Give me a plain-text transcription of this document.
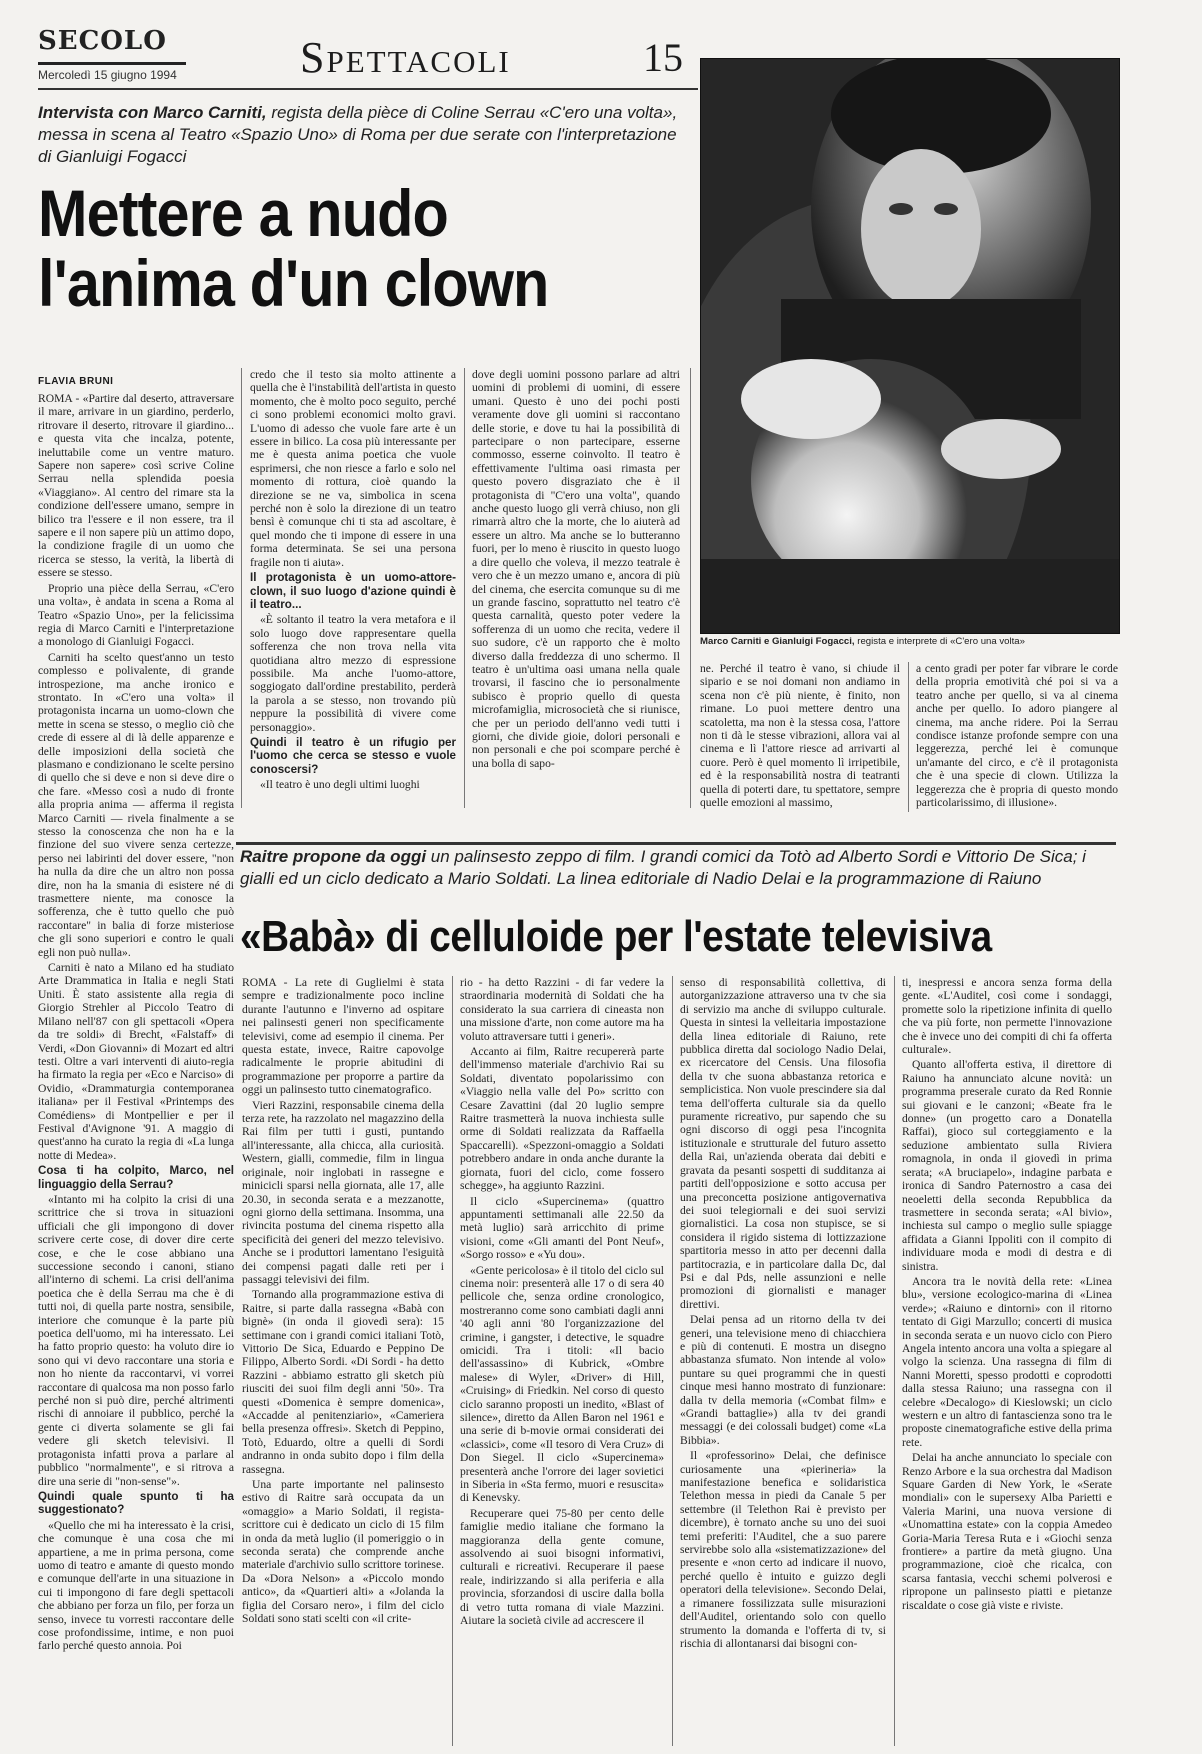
SECOLO
Mercoledì 15 giugno 1994	Spettacoli	15
Intervista con Marco Carniti, regista della pièce di Coline Serrau «C'ero una volta», messa in scena al Teatro «Spazio Uno» di Roma per due serate con l'interpretazione di Gianluigi Fogacci
Mettere a nudo l'anima d'un clown
FLAVIA BRUNI

ROMA - «Partire dal deserto, attraversare il mare, arrivare in un giardino, perderlo, ritrovare il deserto, ritrovare il giardino... e questa vita che incalza, potente, ineluttabile come un ventre maturo. Sapere non sapere» così scrive Coline Serrau nella splendida poesia «Viaggiano». Al centro del rimare sta la condizione dell'essere umano, sempre in bilico tra l'essere e il non essere, tra il sapere e il non sapere più un attimo dopo, la condizione fragile di un uomo che ricerca se stesso, la verità, la libertà di essere se stesso.

Proprio una pièce della Serrau, «C'ero una volta», è andata in scena a Roma al Teatro «Spazio Uno», per la felicissima regia di Marco Carniti e l'interpretazione a monologo di Gianluigi Fogacci.

Carniti ha scelto quest'anno un testo complesso e polivalente, di grande introspezione, ma anche ironico e strontato. In «C'ero una volta» il protagonista incarna un uomo-clown che mette in scena se stesso, o meglio ciò che crede di essere al di là delle apparenze e delle imposizioni della società che plasmano e condizionano le scelte persino di quello che si deve e non si deve dire o che fare. «Messo così a nudo di fronte alla propria anima — afferma il regista Marco Carniti — rivela finalmente a se stesso la conoscenza che non ha e la finzione del suo vivere senza certezze, perso nei labirinti del dover essere, "non ha nulla da dire che un altro non possa dire, non ha la smania di esistere né di trasmettere niente, ma conosce la sofferenza, che è tutto quello che può raccontare" in balia di forze misteriose che gli sono superiori e contro le quali egli non può nulla».

Carniti è nato a Milano ed ha studiato Arte Drammatica in Italia e negli Stati Uniti. È stato assistente alla regia di Giorgio Strehler al Piccolo Teatro di Milano nell'87 con gli spettacoli «Opera da tre soldi» di Brecht, «Falstaff» di Verdi, «Don Giovanni» di Mozart ed altri testi. Oltre a vari interventi di aiuto-regia ha firmato la regia per «Eco e Narciso» di Ovidio, «Drammaturgia contemporanea italiana» per il Festival «Printemps des Comédiens» di Montpellier e per il Festival d'Avignone '91. A maggio di quest'anno ha curato la regia di «La lunga notte di Medea».

Cosa ti ha colpito, Marco, nel linguaggio della Serrau?

«Intanto mi ha colpito la crisi di una scrittrice che si trova in situazioni ufficiali che gli impongono di dover scrivere certe cose, di dover dire certe cose, e che le cose abbiano una successione secondo i canoni, stiano all'interno di schemi. La crisi dell'anima poetica che è della Serrau ma che è di tutti noi, di quella parte nostra, sensibile, interiore che comunque è la parte più poetica dell'uomo, mi ha interessato. Lei ha fatto proprio questo: ha voluto dire io sono qui vi devo raccontare una storia e non ho niente da raccontarvi, vi vorrei raccontare di qualcosa ma non posso farlo perché non si può dire, perché altrimenti rischi di annoiare il pubblico, perché la gente ci diverta solamente se gli fai vedere gli sketch televisivi. Il protagonista infatti prova a parlare al pubblico "normalmente", e si ritrova a dire una serie di "non-sense"».

Quindi quale spunto ti ha suggestionato?

«Quello che mi ha interessato è la crisi, che comunque è una cosa che mi appartiene, a me in prima persona, come uomo di teatro e amante di questo mondo e comunque dell'arte in una situazione in cui ti impongono di fare degli spettacoli che abbiano per forza un filo, per forza un senso, invece tu vorresti raccontare delle cose profondissime, intime, e non puoi farlo perché questo annoia. Poi

credo che il testo sia molto attinente a quella che è l'instabilità dell'artista in questo momento, che è molto poco seguito, perché ci sono problemi economici molto gravi. L'uomo di adesso che vuole fare arte è un essere in bilico. La cosa più interessante per me è questa anima poetica che vuole esprimersi, che non riesce a farlo e solo nel momento di rottura, cioè quando la direzione se ne va, simbolica in scena perché non è solo la direzione di un teatro bensì è comunque chi ti sta ad ascoltare, è quel mondo che ti impone di essere in una forma determinata. Se sei una persona fragile non ti aiuta».

Il protagonista è un uomo-attore-clown, il suo luogo d'azione quindi è il teatro...

«È soltanto il teatro la vera metafora e il solo luogo dove rappresentare quella sofferenza che non trova nella vita quotidiana altro mezzo di espressione possibile. Ma anche l'uomo-attore, soggiogato dall'ordine prestabilito, perderà la parola a se stesso, non trovando più neppure la possibilità di vivere come personaggio».

Quindi il teatro è un rifugio per l'uomo che cerca se stesso e vuole conoscersi?

«Il teatro è uno degli ultimi luoghi

dove degli uomini possono parlare ad altri uomini di problemi di uomini, di essere umani. Questo è uno dei pochi posti veramente dove gli uomini si raccontano delle storie, e dove tu hai la possibilità di partecipare o non partecipare, esserne commosso, esserne coinvolto. Il teatro è effettivamente l'ultima oasi rimasta per questo povero disgraziato che è il protagonista di "C'ero una volta", quando anche questo luogo gli verrà chiuso, non gli rimarrà altro che la morte, che lo aiuterà ad essere un altro. Ma anche se lo butteranno fuori, per lo meno è riuscito in questo luogo a dire quello che voleva, il mezzo teatrale è vero che è un mezzo umano e, ancora di più del cinema, che esercita comunque su di me un grande fascino, soprattutto nel teatro c'è questa carnalità, questo poter vedere la sofferenza di un uomo che recita, vedere il suo sudore, c'è un rapporto che è molto diverso dalla freddezza di uno schermo. Il teatro è un'ultima oasi umana nella quale trovarsi, il fascino che io personalmente subisco è proprio quello di questa microfamiglia, microsocietà che si riunisce, che per un periodo dell'anno vedi tutti i giorni, che divide gioie, dolori personali e non personali e che poi scompare perché è una bolla di sapo-

ne. Perché il teatro è vano, si chiude il sipario e se noi domani non andiamo in scena non c'è più niente, è finito, non rimane. Lo puoi mettere dentro una scatoletta, ma non è la stessa cosa, l'attore non ti dà le stesse vibrazioni, allora vai al cinema e lì l'attore riesce ad arrivarti al cuore. Però è quel momento lì irripetibile, ed è la responsabilità nostra di teatranti quella di poterti dare, tu spettatore, sempre quelle emozioni al massimo,

a cento gradi per poter far vibrare le corde della propria emotività ché poi si va a teatro anche per quello, si va al cinema anche per quello. Io adoro piangere al cinema, ma anche ridere. Poi la Serrau condisce istanze profonde sempre con una leggerezza, perché lei è comunque un'amante del circo, e c'è il protagonista che è una specie di clown. Utilizza la leggerezza che è propria di questo mondo particolarissimo, di illusione».

Marco Carniti e Gianluigi Fogacci, regista e interprete di «C'ero una volta»
Raitre propone da oggi un palinsesto zeppo di film. I grandi comici da Totò ad Alberto Sordi e Vittorio De Sica; i gialli ed un ciclo dedicato a Mario Soldati. La linea editoriale di Nadio Delai e la programmazione di Raiuno
«Babà» di celluloide per l'estate televisiva

ROMA - La rete di Guglielmi è stata sempre e tradizionalmente poco incline durante l'autunno e l'inverno ad ospitare nei palinsesti generi non specificamente televisivi, come ad esempio il cinema. Per questa estate, invece, Raitre capovolge radicalmente le proprie abitudini di programmazione per proporre a partire da oggi un palinsesto tutto cinematografico.

Vieri Razzini, responsabile cinema della terza rete, ha razzolato nel magazzino della Rai film per tutti i gusti, puntando all'interessante, alla chicca, alla curiosità. Western, gialli, commedie, film in lingua originale, noir inglobati in rassegne e minicicli sparsi nella giornata, alle 17, alle 20.30, in seconda serata e a mezzanotte, ogni giorno della settimana. Insomma, una rivincita postuma del cinema rispetto alla specificità dei generi del mezzo televisivo. Anche se i produttori lamentano l'esiguità dei compensi pagati dalle reti per i passaggi televisivi dei film.

Tornando alla programmazione estiva di Raitre, si parte dalla rassegna «Babà con bignè» (in onda il giovedì sera): 15 settimane con i grandi comici italiani Totò, Vittorio De Sica, Eduardo e Peppino De Filippo, Alberto Sordi. «Di Sordi - ha detto Razzini - abbiamo estratto gli sketch più riusciti dei suoi film degli anni '50». Tra questi «Domenica è sempre domenica», «Accadde al penitenziario», «Cameriera bella presenza offresi». Sketch di Peppino, Totò, Eduardo, oltre a quelli di Sordi andranno in onda subito dopo i film della rassegna.

Una parte importante nel palinsesto estivo di Raitre sarà occupata da un «omaggio» a Mario Soldati, il regista-scrittore cui è dedicato un ciclo di 15 film in onda da metà luglio (il pomeriggio o in seconda serata) che comprende anche materiale d'archivio sullo scrittore torinese. Da «Dora Nelson» a «Piccolo mondo antico», da «Quartieri alti» a «Jolanda la figlia del Corsaro nero», i film del ciclo Soldati sono stati scelti con «il crite-

rio - ha detto Razzini - di far vedere la straordinaria modernità di Soldati che ha considerato la sua carriera di cineasta non una missione d'arte, non come autore ma ha voluto attraversare tutti i generi».

Accanto ai film, Raitre recupererà parte dell'immenso materiale d'archivio Rai su Soldati, diventato popolarissimo con «Viaggio nella valle del Po» scritto con Cesare Zavattini (dal 20 luglio sempre Raitre trasmetterà la nuova inchiesta sulle orme di Soldati realizzata da Raffaella Spaccarelli). «Spezzoni-omaggio a Soldati potrebbero andare in onda anche durante la giornata, fuori del ciclo, come fossero schegge», ha aggiunto Razzini.

Il ciclo «Supercinema» (quattro appuntamenti settimanali alle 22.50 da metà luglio) sarà arricchito di prime visioni, come «Gli amanti del Pont Neuf», «Sorgo rosso» e «Yu dou».

«Gente pericolosa» è il titolo del ciclo sul cinema noir: presenterà alle 17 o di sera 40 pellicole che, senza ordine cronologico, mostreranno come sono cambiati dagli anni '40 agli anni '80 l'organizzazione del crimine, i gangster, i detective, le squadre omicidi. Tra i titoli: «Il bacio dell'assassino» di Kubrick, «Ombre malese» di Wyler, «Driver» di Hill, «Cruising» di Friedkin. Nel corso di questo ciclo saranno proposti un inedito, «Blast of silence», diretto da Allen Baron nel 1961 e una serie di b-movie ormai considerati dei «classici», come «Il tesoro di Vera Cruz» di Don Siegel. Il ciclo «Supercinema» presenterà anche l'orrore dei lager sovietici in Siberia in «Sta fermo, muori e resuscita» di Kenevsky.

Recuperare quei 75-80 per cento delle famiglie medio italiane che formano la maggioranza della gente comune, assolvendo ai suoi bisogni informativi, culturali e ricreativi. Recuperare il paese reale, indirizzando si alla periferia e alla provincia, sforzandosi di uscire dalla bolla di vetro tutta romana di viale Mazzini. Aiutare la società civile ad accrescere il

senso di responsabilità collettiva, di autorganizzazione attraverso una tv che sia di servizio ma anche di sviluppo culturale. Questa in sintesi la velleitaria impostazione della linea editoriale di Raiuno, rete pubblica diretta dal sociologo Nadio Delai, ex ricercatore del Censis. Una filosofia della tv che suona abbastanza retorica e semplicistica. Non vuole prescindere sia dal tema dell'offerta culturale sia da quello puramente ricreativo, pur sapendo che su ogni discorso di oggi pesa l'incognita istituzionale e strutturale del futuro assetto della Rai, un'azienda oberata dai debiti e gravata da pesanti sospetti di sudditanza ai partiti dell'opposizione e sotto accusa per una preconcetta posizione antigovernativa dei suoi telegiornali e dei suoi servizi giornalistici. La cosa non stupisce, se si considera il rigido sistema di lottizzazione spartitoria messo in atto per decenni dalla partitocrazia, e in particolare dalla Dc, dal Psi e dal Pds, nelle assunzioni e nelle promozioni di giornalisti e manager direttivi.

Delai pensa ad un ritorno della tv dei generi, una televisione meno di chiacchiera e più di contenuti. E mostra un disegno abbastanza sfumato. Non intende al volo» puntare su quei programmi che in questi cinque mesi hanno mostrato di funzionare: dalla tv della memoria («Combat film» e «Grandi battaglie») alla tv dei grandi messaggi (e dei colossali budget) come «La Bibbia».

Il «professorino» Delai, che definisce curiosamente una «pierineria» la manifestazione benefica e solidaristica Telethon messa in piedi da Canale 5 per settembre (il Telethon Rai è previsto per dicembre), è tornato anche su uno dei suoi temi preferiti: l'Auditel, che a suo parere servirebbe solo alla «sistematizzazione» del presente e «non certo ad indicare il nuovo, perché quello è intuito e guizzo degli operatori della televisione». Secondo Delai, a rimanere fossilizzata sulle misurazioni dell'Auditel, orientando solo con quello strumento la domanda e l'offerta di tv, si rischia di allontanarsi dai bisogni con-

ti, inespressi e ancora senza forma della gente. «L'Auditel, così come i sondaggi, promette solo la ripetizione infinita di quello che va più forte, non permette l'innovazione che è invece uno dei compiti di chi fa offerta culturale».

Quanto all'offerta estiva, il direttore di Raiuno ha annunciato alcune novità: un programma preserale curato da Red Ronnie sui giovani e le canzoni; «Beate fra le donne» (un progetto caro a Donatella Raffai), gioco sul corteggiamento e la seduzione ambientato sulla Riviera romagnola, in onda il giovedì in prima serata; «A bruciapelo», indagine parbata e ironica di Sandro Paternostro a casa dei neoeletti della seconda Repubblica da trasmettere in seconda serata; «Al bivio», inchiesta sul campo o meglio sulle spiagge affidata a Gianni Ippoliti con il compito di individuare moda e modi di destra e di sinistra.

Ancora tra le novità della rete: «Linea blu», versione ecologico-marina di «Linea verde»; «Raiuno e dintorni» con il ritorno tentato di Gigi Marzullo; concerti di musica in seconda serata e un nuovo ciclo con Piero Angela intento ancora una volta a spiegare al volgo la scienza. Una rassegna di film di Nanni Moretti, spesso prodotti e coprodotti dalla stessa Raiuno; una rassegna con il celebre «Decalogo» di Kieslowski; un ciclo western e un altro di fantascienza sono tra le proposte cinematografiche estive della prima rete.

Delai ha anche annunciato lo speciale con Renzo Arbore e la sua orchestra dal Madison Square Garden di New York, le «Serate mondiali» con le supersexy Alba Parietti e Valeria Marini, una nuova versione di «Unomattina estate» con la coppia Amedeo Goria-Maria Teresa Ruta e i «Giochi senza frontiere» a partire da metà giugno. Una programmazione, cioè che ricalca, con scarsa fantasia, vecchi schemi polverosi e ripropone un palinsesto piatti e pietanze riscaldate o cose già viste e riviste.
